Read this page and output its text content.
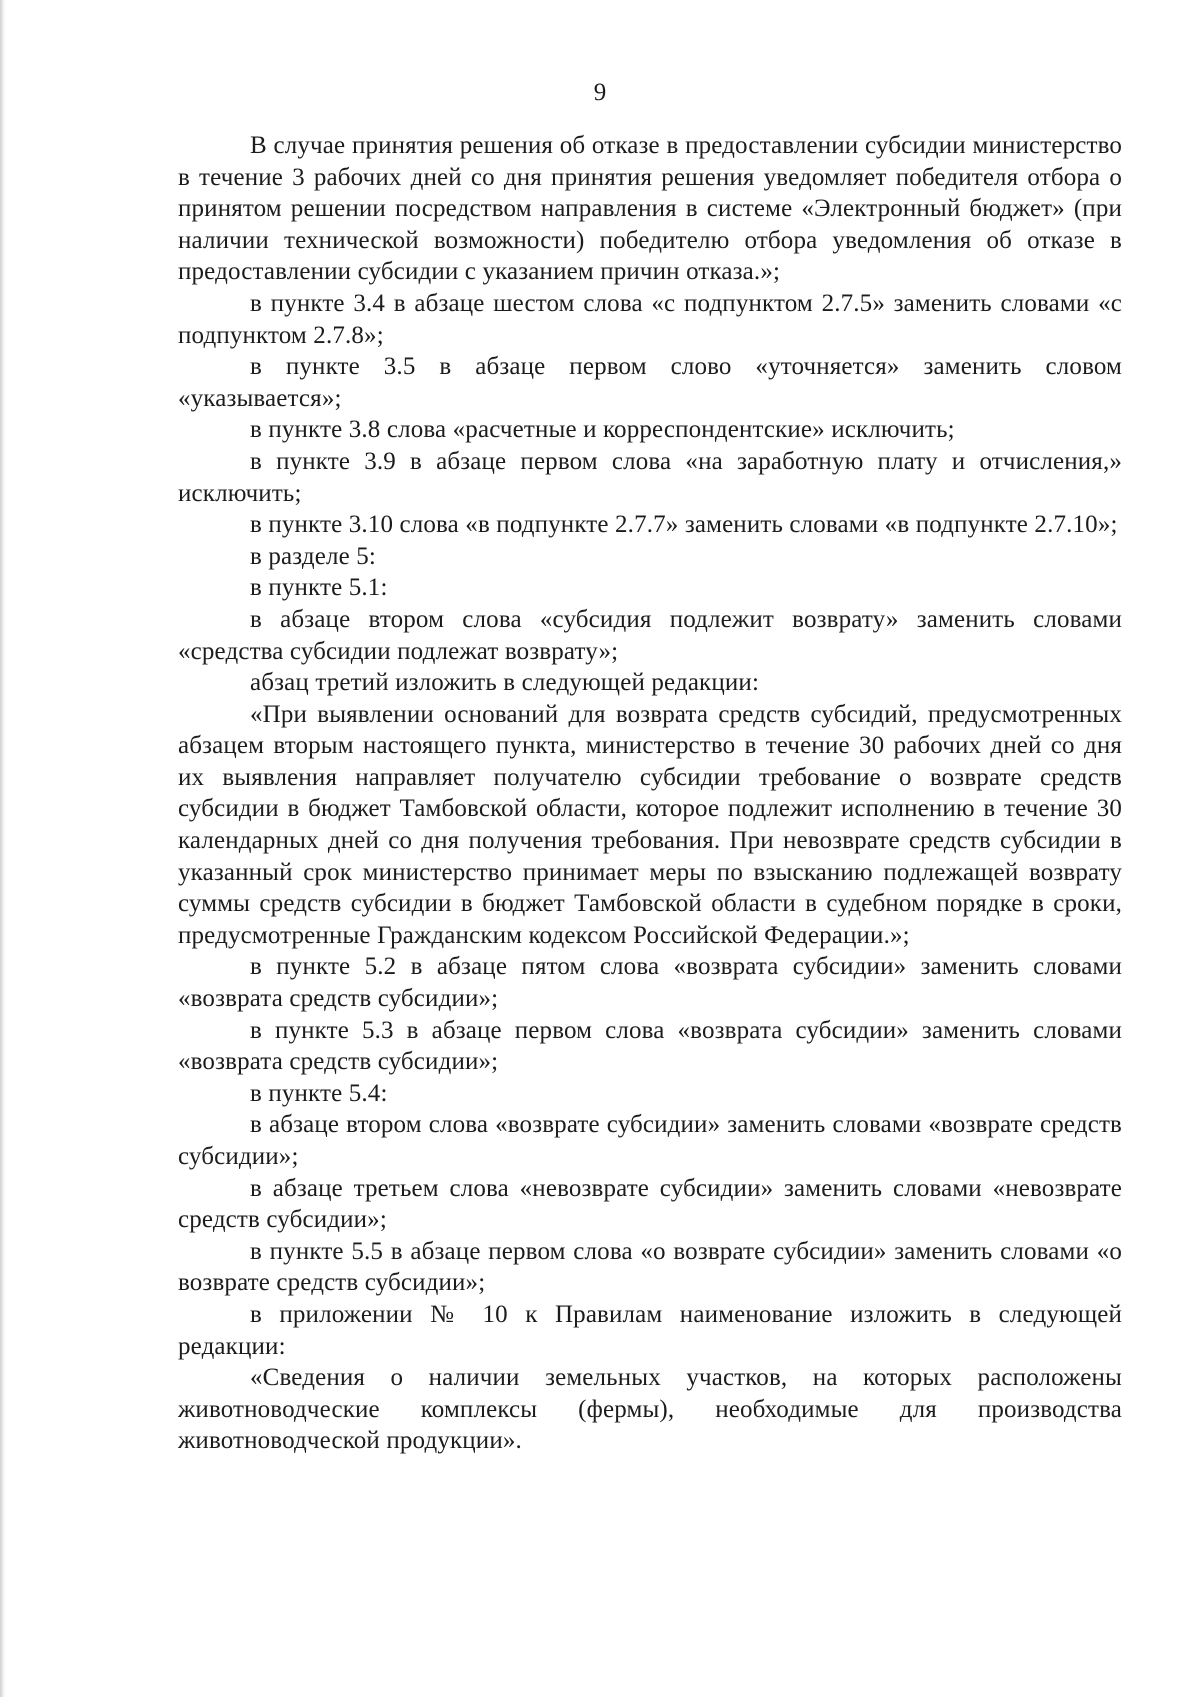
9

В случае принятия решения об отказе в предоставлении субсидии министерство в течение 3 рабочих дней со дня принятия решения уведомляет победителя отбора о принятом решении посредством направления в системе «Электронный бюджет» (при наличии технической возможности) победителю отбора уведомления об отказе в предоставлении субсидии с указанием причин отказа.»;

в пункте 3.4 в абзаце шестом слова «с подпунктом 2.7.5» заменить словами «с подпунктом 2.7.8»;

в пункте 3.5 в абзаце первом слово «уточняется» заменить словом «указывается»;

в пункте 3.8 слова «расчетные и корреспондентские» исключить;

в пункте 3.9 в абзаце первом слова «на заработную плату и отчисления,» исключить;

в пункте 3.10 слова «в подпункте 2.7.7» заменить словами «в подпункте 2.7.10»;

в разделе 5:

в пункте 5.1:

в абзаце втором слова «субсидия подлежит возврату» заменить словами «средства субсидии подлежат возврату»;

абзац третий изложить в следующей редакции:

«При выявлении оснований для возврата средств субсидий, предусмотренных абзацем вторым настоящего пункта, министерство в течение 30 рабочих дней со дня их выявления направляет получателю субсидии требование о возврате средств субсидии в бюджет Тамбовской области, которое подлежит исполнению в течение 30 календарных дней со дня получения требования. При невозврате средств субсидии в указанный срок министерство принимает меры по взысканию подлежащей возврату суммы средств субсидии в бюджет Тамбовской области в судебном порядке в сроки, предусмотренные Гражданским кодексом Российской Федерации.»;

в пункте 5.2 в абзаце пятом слова «возврата субсидии» заменить словами «возврата средств субсидии»;

в пункте 5.3 в абзаце первом слова «возврата субсидии» заменить словами «возврата средств субсидии»;

в пункте 5.4:

в абзаце втором слова «возврате субсидии» заменить словами «возврате средств субсидии»;

в абзаце третьем слова «невозврате субсидии» заменить словами «невозврате средств субсидии»;

в пункте 5.5 в абзаце первом слова «о возврате субсидии» заменить словами «о возврате средств субсидии»;

в приложении № 10 к Правилам наименование изложить в следующей редакции:

«Сведения о наличии земельных участков, на которых расположены животноводческие комплексы (фермы), необходимые для производства животноводческой продукции».
